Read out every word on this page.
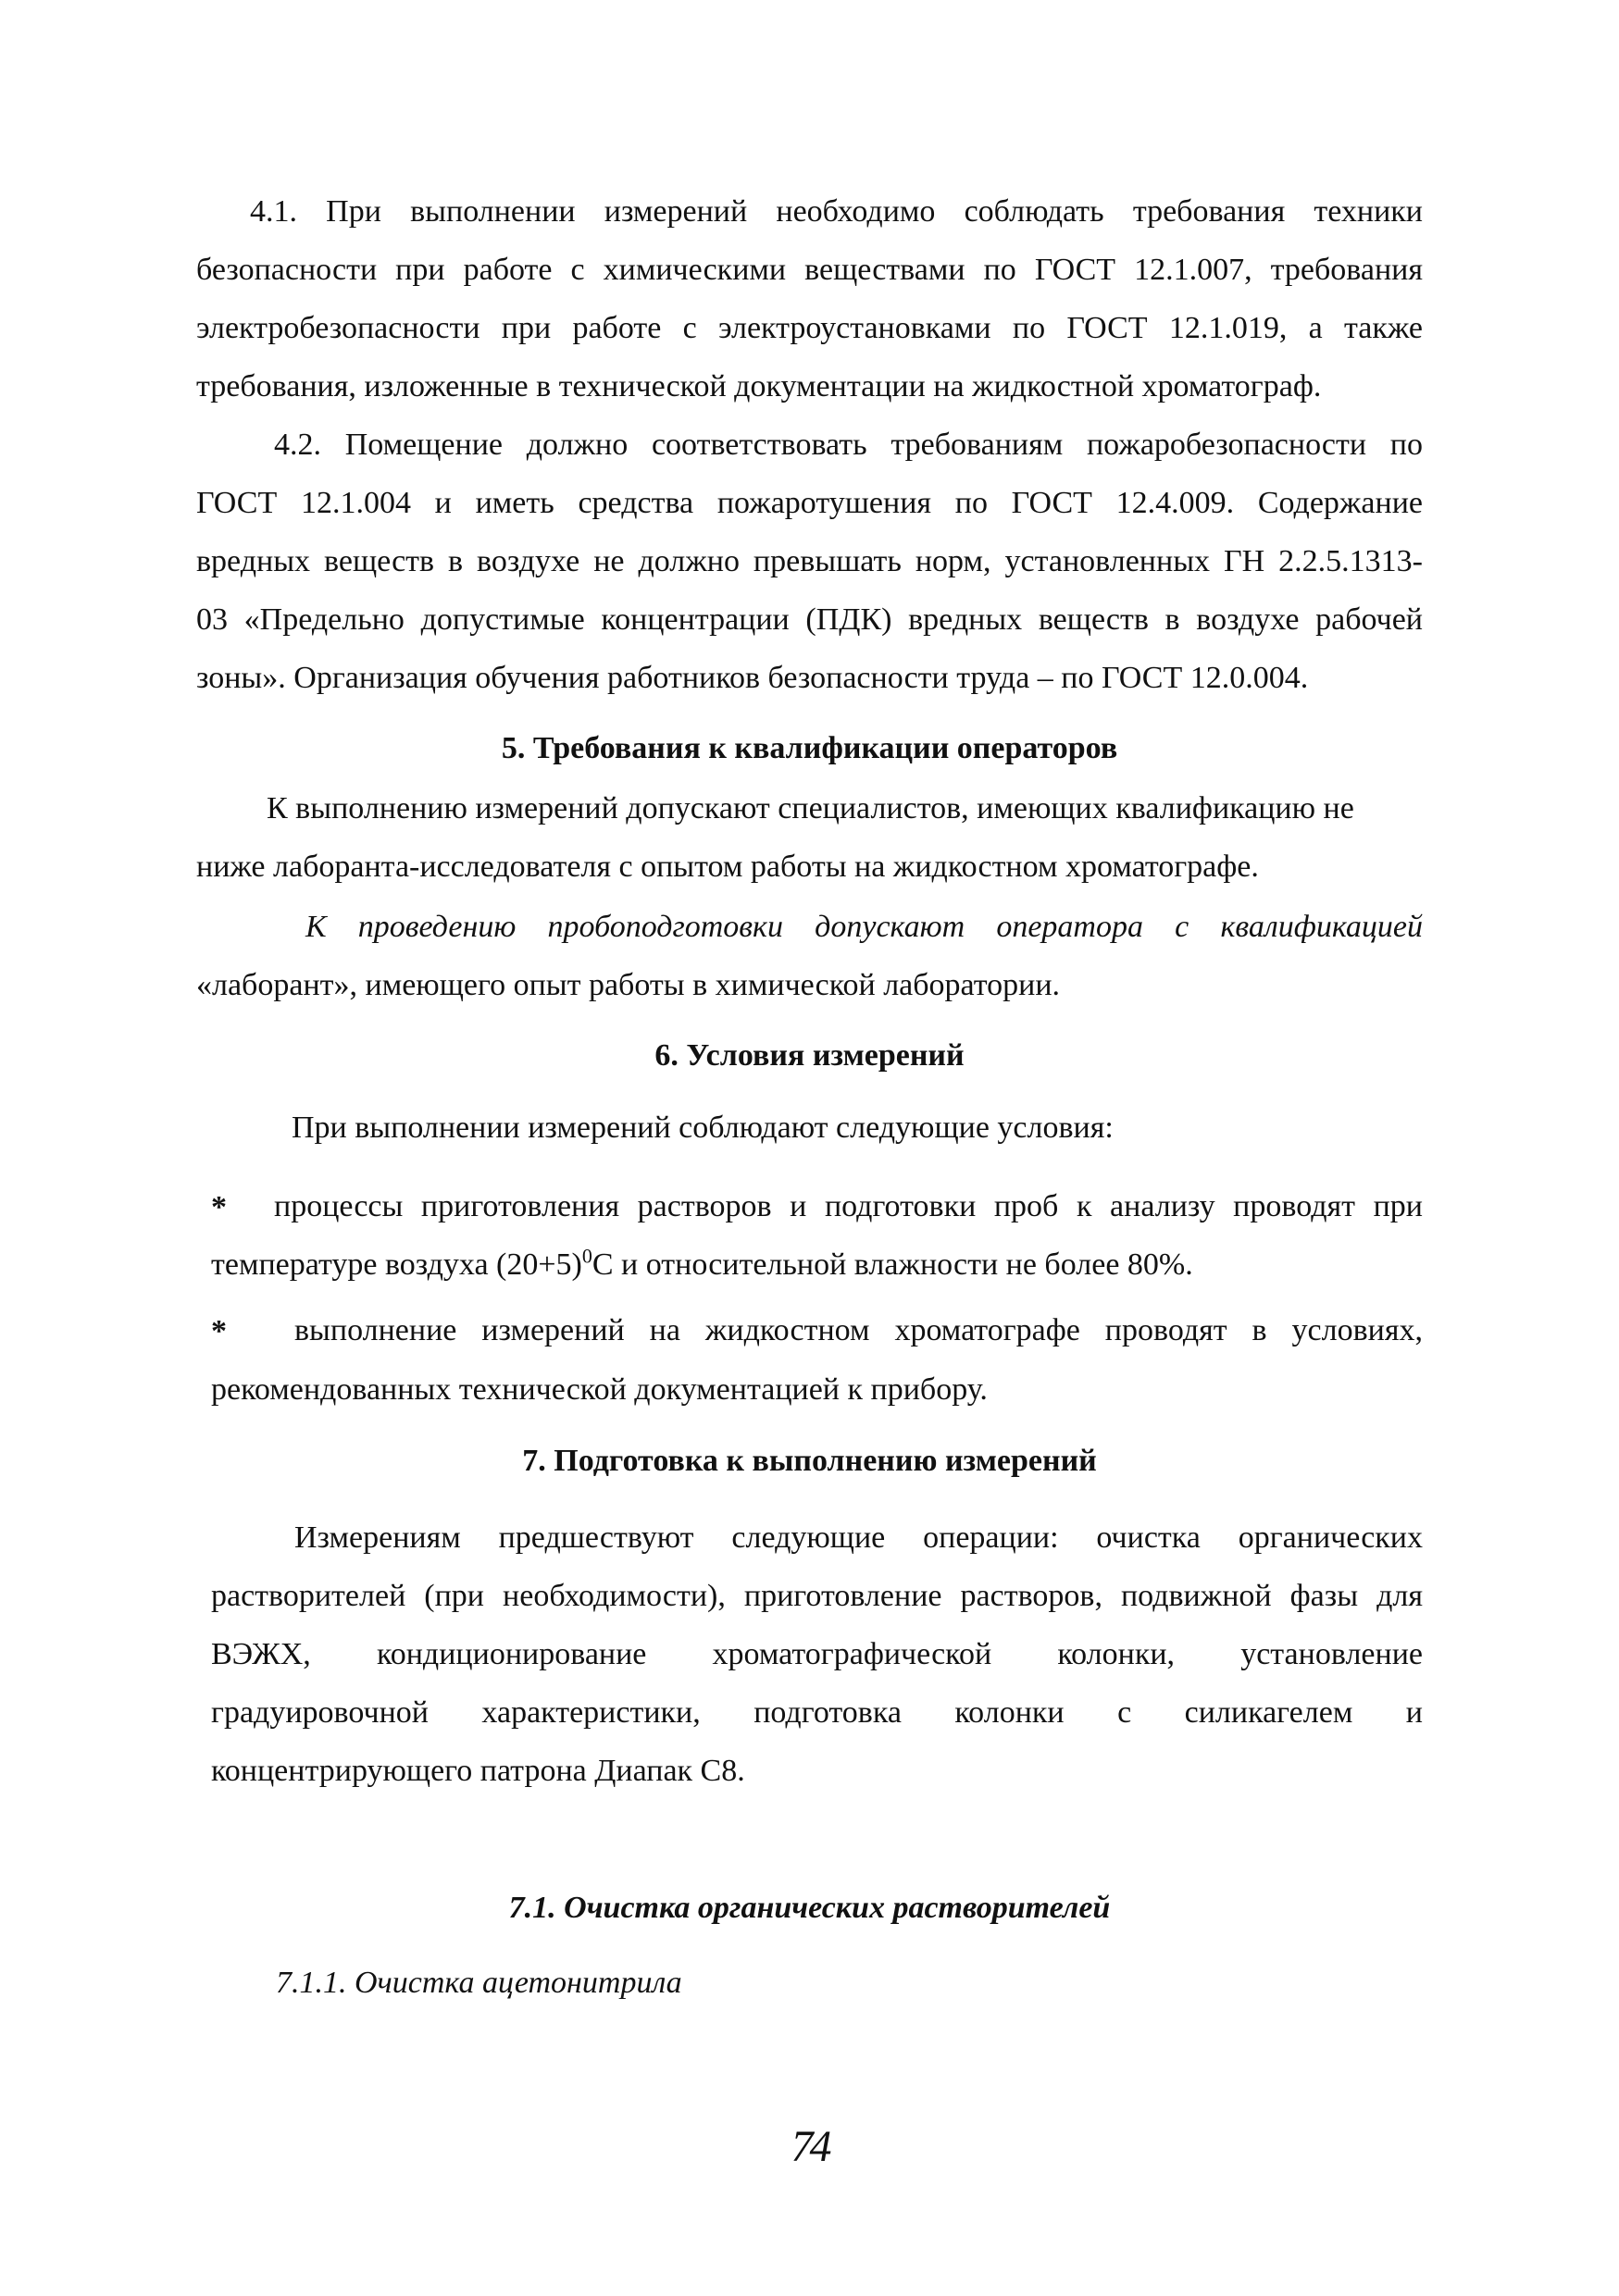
4.1. При выполнении измерений необходимо соблюдать требования техники
безопасности при работе с химическими веществами по ГОСТ 12.1.007, требования
электробезопасности при работе с электроустановками по ГОСТ 12.1.019, а также
требования, изложенные в технической документации на жидкостной хроматограф.
4.2. Помещение должно соответствовать требованиям пожаробезопасности по
ГОСТ 12.1.004 и иметь средства пожаротушения по ГОСТ 12.4.009. Содержание
вредных веществ в воздухе не должно превышать норм, установленных ГН 2.2.5.1313-
03 «Предельно допустимые концентрации (ПДК) вредных веществ в воздухе рабочей
зоны». Организация обучения работников безопасности труда – по ГОСТ 12.0.004.
5. Требования к квалификации операторов
К выполнению измерений допускают специалистов, имеющих квалификацию не
ниже лаборанта-исследователя с опытом работы на жидкостном хроматографе.
К проведению пробоподготовки допускают оператора с квалификацией
«лаборант», имеющего опыт работы в химической лаборатории.
6. Условия измерений
При выполнении измерений соблюдают следующие условия:
* процессы приготовления растворов и подготовки проб к анализу проводят при
температуре воздуха $(20+5)^0С$ и относительной влажности не более 80%.
* выполнение измерений на жидкостном хроматографе проводят в условиях,
рекомендованных технической документацией к прибору.
7. Подготовка к выполнению измерений
Измерениям предшествуют следующие операции: очистка органических
растворителей (при необходимости), приготовление растворов, подвижной фазы для
ВЭЖХ, кондиционирование хроматографической колонки, установление
градуировочной характеристики, подготовка колонки с силикагелем и
концентрирующего патрона Диапак С8.
7.1. Очистка органических растворителей
7.1.1. Очистка ацетонитрила
74
